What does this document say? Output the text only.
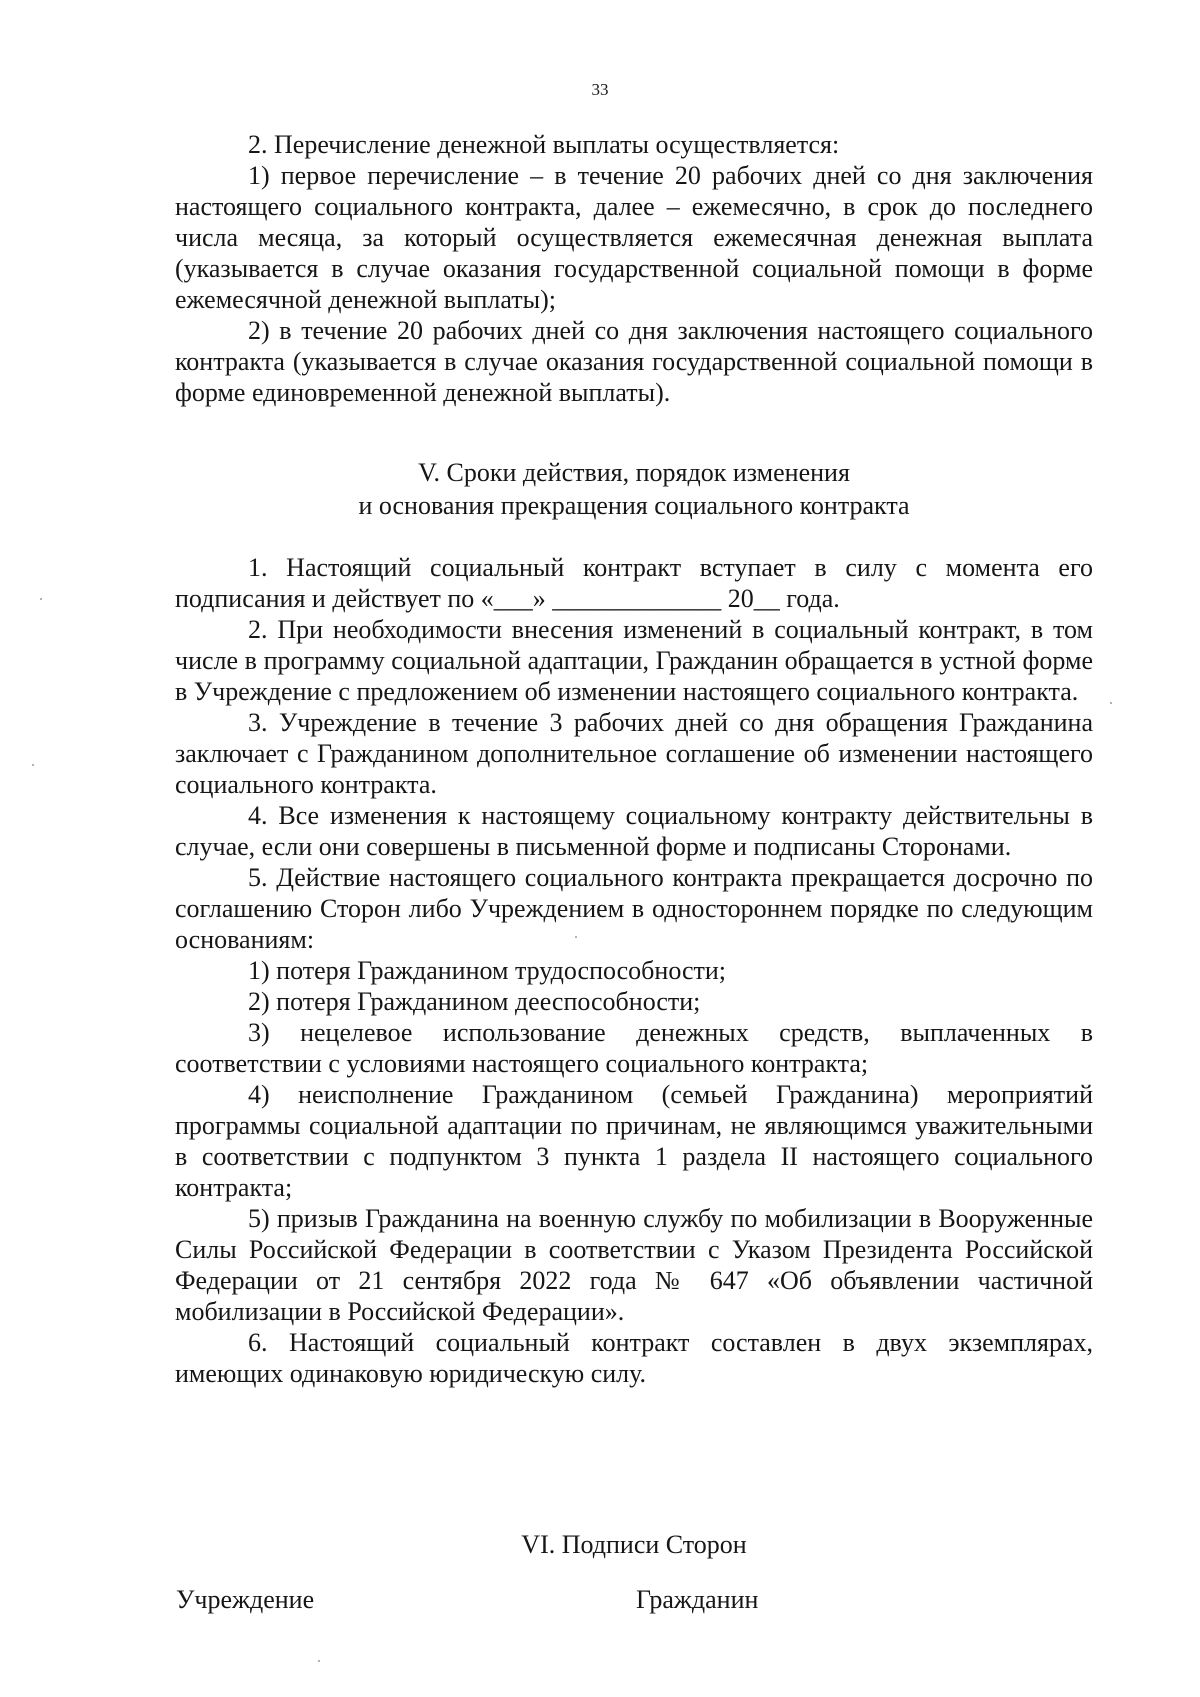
33

2. Перечисление денежной выплаты осуществляется:

1) первое перечисление – в течение 20 рабочих дней со дня заключения настоящего социального контракта, далее – ежемесячно, в срок до последнего числа месяца, за который осуществляется ежемесячная денежная выплата (указывается в случае оказания государственной социальной помощи в форме ежемесячной денежной выплаты);

2) в течение 20 рабочих дней со дня заключения настоящего социального контракта (указывается в случае оказания государственной социальной помощи в форме единовременной денежной выплаты).

V. Сроки действия, порядок изменения
и основания прекращения социального контракта

1. Настоящий социальный контракт вступает в силу с момента его подписания и действует по «___» _____________ 20__ года.

2. При необходимости внесения изменений в социальный контракт, в том числе в программу социальной адаптации, Гражданин обращается в устной форме в Учреждение с предложением об изменении настоящего социального контракта.

3. Учреждение в течение 3 рабочих дней со дня обращения Гражданина заключает с Гражданином дополнительное соглашение об изменении настоящего социального контракта.

4. Все изменения к настоящему социальному контракту действительны в случае, если они совершены в письменной форме и подписаны Сторонами.

5. Действие настоящего социального контракта прекращается досрочно по соглашению Сторон либо Учреждением в одностороннем порядке по следующим основаниям:

1) потеря Гражданином трудоспособности;

2) потеря Гражданином дееспособности;

3) нецелевое использование денежных средств, выплаченных в соответствии с условиями настоящего социального контракта;

4) неисполнение Гражданином (семьей Гражданина) мероприятий программы социальной адаптации по причинам, не являющимся уважительными в соответствии с подпунктом 3 пункта 1 раздела II настоящего социального контракта;

5) призыв Гражданина на военную службу по мобилизации в Вооруженные Силы Российской Федерации в соответствии с Указом Президента Российской Федерации от 21 сентября 2022 года № 647 «Об объявлении частичной мобилизации в Российской Федерации».

6. Настоящий социальный контракт составлен в двух экземплярах, имеющих одинаковую юридическую силу.

VI. Подписи Сторон
Учреждение	Гражданин
